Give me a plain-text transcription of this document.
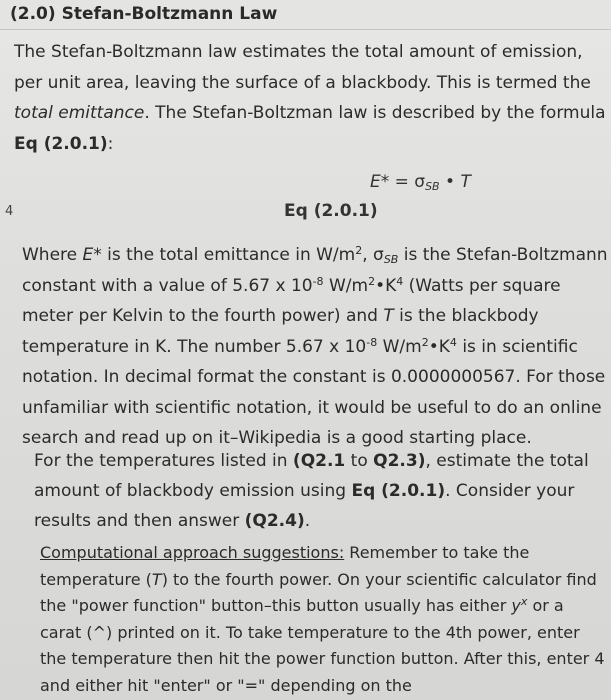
(2.0) Stefan-Boltzmann Law
The Stefan-Boltzmann law estimates the total amount of emission, per unit area, leaving the surface of a blackbody. This is termed the total emittance. The Stefan-Boltzman law is described by the formula Eq (2.0.1):
$E* = \sigma_{SB}$ • T
4	Eq (2.0.1)
Where E* is the total emittance in $W/m^2$, $\sigma_{SB}$ is the Stefan-Boltzmann constant with a value of 5.67 x $10^{-8}$ $W/m^2•K^4$ (Watts per square meter per Kelvin to the fourth power) and T is the blackbody temperature in K. The number 5.67 x $10^{-8}$ $W/m^2•K^4$ is in scientific notation. In decimal format the constant is 0.0000000567. For those unfamiliar with scientific notation, it would be useful to do an online search and read up on it–Wikipedia is a good starting place.
For the temperatures listed in (Q2.1 to Q2.3), estimate the total amount of blackbody emission using Eq (2.0.1). Consider your results and then answer (Q2.4).
Computational approach suggestions: Remember to take the temperature (T) to the fourth power. On your scientific calculator find the "power function" button–this button usually has either $y^x$ or a carat (^) printed on it. To take temperature to the 4th power, enter the temperature then hit the power function button. After this, enter 4 and either hit "enter" or "=" depending on the
